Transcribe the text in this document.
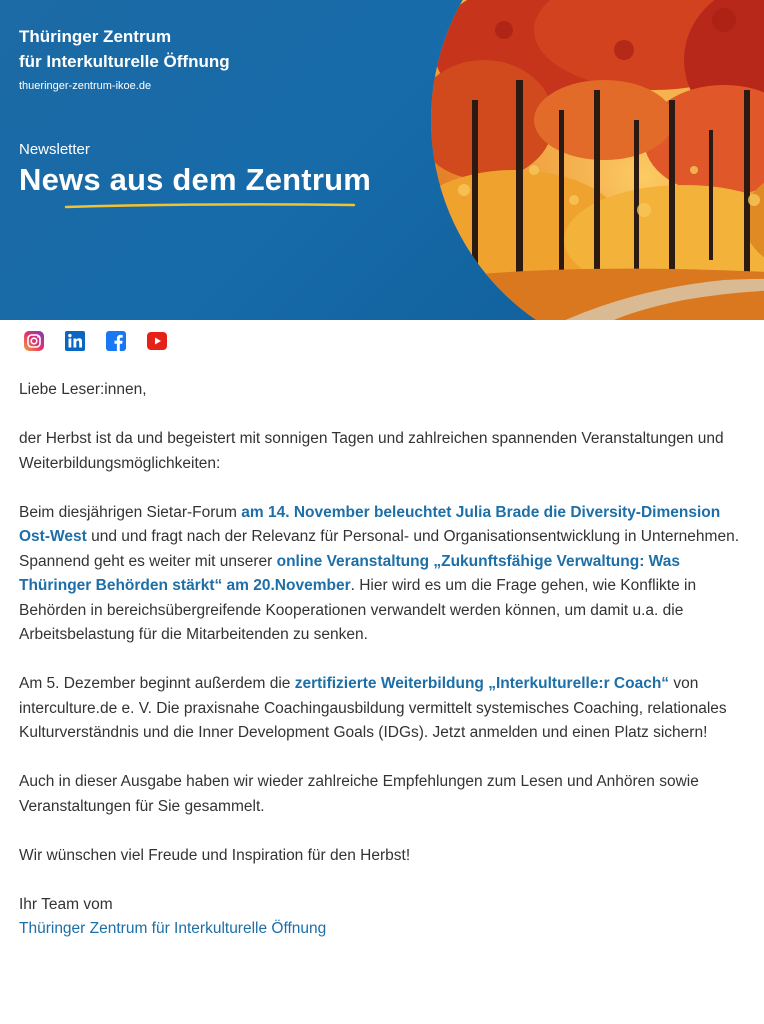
Thüringer Zentrum
für Interkulturelle Öffnung
thueringer-zentrum-ikoe.de
Newsletter
News aus dem Zentrum

Liebe Leser:innen,

der Herbst ist da und begeistert mit sonnigen Tagen und zahlreichen spannenden Veranstaltungen und Weiterbildungsmöglichkeiten:

Beim diesjährigen Sietar-Forum am 14. November beleuchtet Julia Brade die Diversity-Dimension Ost-West und und fragt nach der Relevanz für Personal- und Organisationsentwicklung in Unternehmen.

Spannend geht es weiter mit unserer online Veranstaltung „Zukunftsfähige Verwaltung: Was Thüringer Behörden stärkt“ am 20.November. Hier wird es um die Frage gehen, wie Konflikte in Behörden in bereichsübergreifende Kooperationen verwandelt werden können, um damit u.a. die Arbeitsbelastung für die Mitarbeitenden zu senken.

Am 5. Dezember beginnt außerdem die zertifizierte Weiterbildung „Interkulturelle:r Coach“ von interculture.de e. V. Die praxisnahe Coachingausbildung vermittelt systemisches Coaching, relationales Kulturverständnis und die Inner Development Goals (IDGs). Jetzt anmelden und einen Platz sichern!

Auch in dieser Ausgabe haben wir wieder zahlreiche Empfehlungen zum Lesen und Anhören sowie Veranstaltungen für Sie gesammelt.

Wir wünschen viel Freude und Inspiration für den Herbst!

Ihr Team vom

Thüringer Zentrum für Interkulturelle Öffnung
